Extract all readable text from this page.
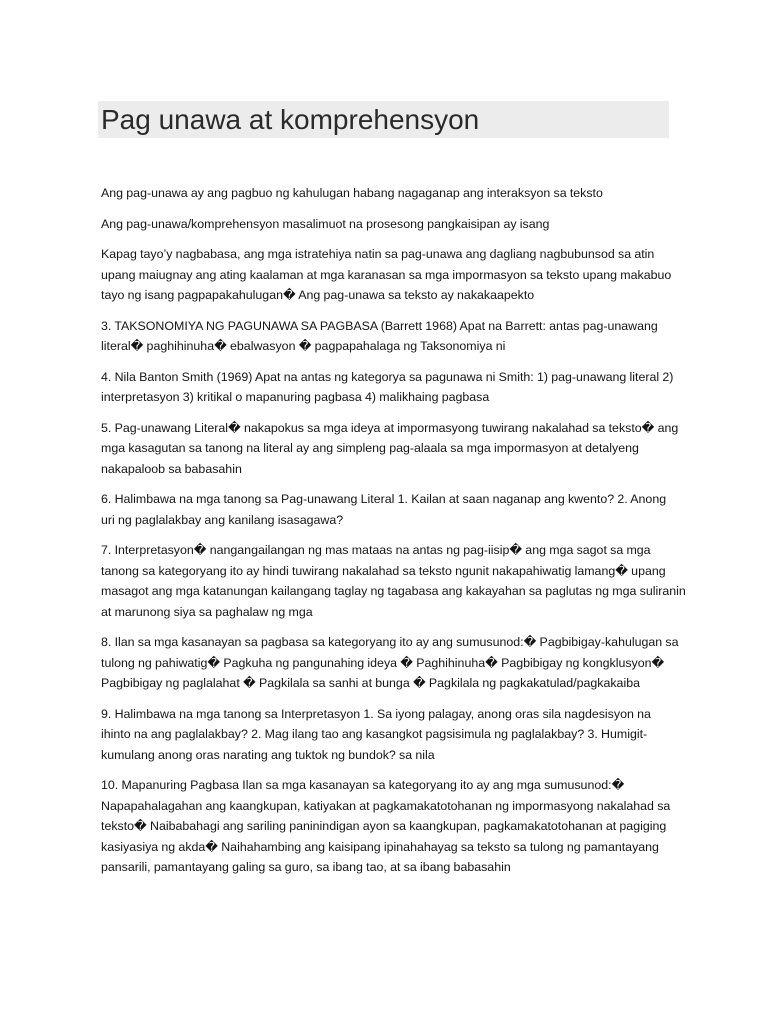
Pag unawa at komprehensyon

Ang pag-unawa ay ang pagbuo ng kahulugan habang nagaganap ang interaksyon sa teksto

Ang pag-unawa/komprehensyon masalimuot na prosesong pangkaisipan ay isang

Kapag tayo’y nagbabasa, ang mga istratehiya natin sa pag-unawa ang dagliang nagbubunsod sa atin
upang maiugnay ang ating kaalaman at mga karanasan sa mga impormasyon sa teksto upang makabuo
tayo ng isang pagpapakahulugan� Ang pag-unawa sa teksto ay nakakaapekto

3. TAKSONOMIYA NG PAGUNAWA SA PAGBASA (Barrett 1968) Apat na Barrett: antas pag-unawang
literal� paghihinuha� ebalwasyon � pagpapahalaga ng Taksonomiya ni

4. Nila Banton Smith (1969) Apat na antas ng kategorya sa pagunawa ni Smith: 1) pag-unawang literal 2)
interpretasyon 3) kritikal o mapanuring pagbasa 4) malikhaing pagbasa

5. Pag-unawang Literal� nakapokus sa mga ideya at impormasyong tuwirang nakalahad sa teksto� ang
mga kasagutan sa tanong na literal ay ang simpleng pag-alaala sa mga impormasyon at detalyeng
nakapaloob sa babasahin

6. Halimbawa na mga tanong sa Pag-unawang Literal 1. Kailan at saan naganap ang kwento? 2. Anong
uri ng paglalakbay ang kanilang isasagawa?

7. Interpretasyon� nangangailangan ng mas mataas na antas ng pag-iisip� ang mga sagot sa mga
tanong sa kategoryang ito ay hindi tuwirang nakalahad sa teksto ngunit nakapahiwatig lamang� upang
masagot ang mga katanungan kailangang taglay ng tagabasa ang kakayahan sa paglutas ng mga suliranin
at marunong siya sa paghalaw ng mga

8. Ilan sa mga kasanayan sa pagbasa sa kategoryang ito ay ang sumusunod:� Pagbibigay-kahulugan sa
tulong ng pahiwatig� Pagkuha ng pangunahing ideya � Paghihinuha� Pagbibigay ng kongklusyon�
Pagbibigay ng paglalahat � Pagkilala sa sanhi at bunga � Pagkilala ng pagkakatulad/pagkakaiba

9. Halimbawa na mga tanong sa Interpretasyon 1. Sa iyong palagay, anong oras sila nagdesisyon na
ihinto na ang paglalakbay? 2. Mag ilang tao ang kasangkot pagsisimula ng paglalakbay? 3. Humigit-
kumulang anong oras narating ang tuktok ng bundok? sa nila

10. Mapanuring Pagbasa Ilan sa mga kasanayan sa kategoryang ito ay ang mga sumusunod:�
Napapahalagahan ang kaangkupan, katiyakan at pagkamakatotohanan ng impormasyong nakalahad sa
teksto� Naibabahagi ang sariling paninindigan ayon sa kaangkupan, pagkamakatotohanan at pagiging
kasiyasiya ng akda� Naihahambing ang kaisipang ipinahahayag sa teksto sa tulong ng pamantayang
pansarili, pamantayang galing sa guro, sa ibang tao, at sa ibang babasahin
